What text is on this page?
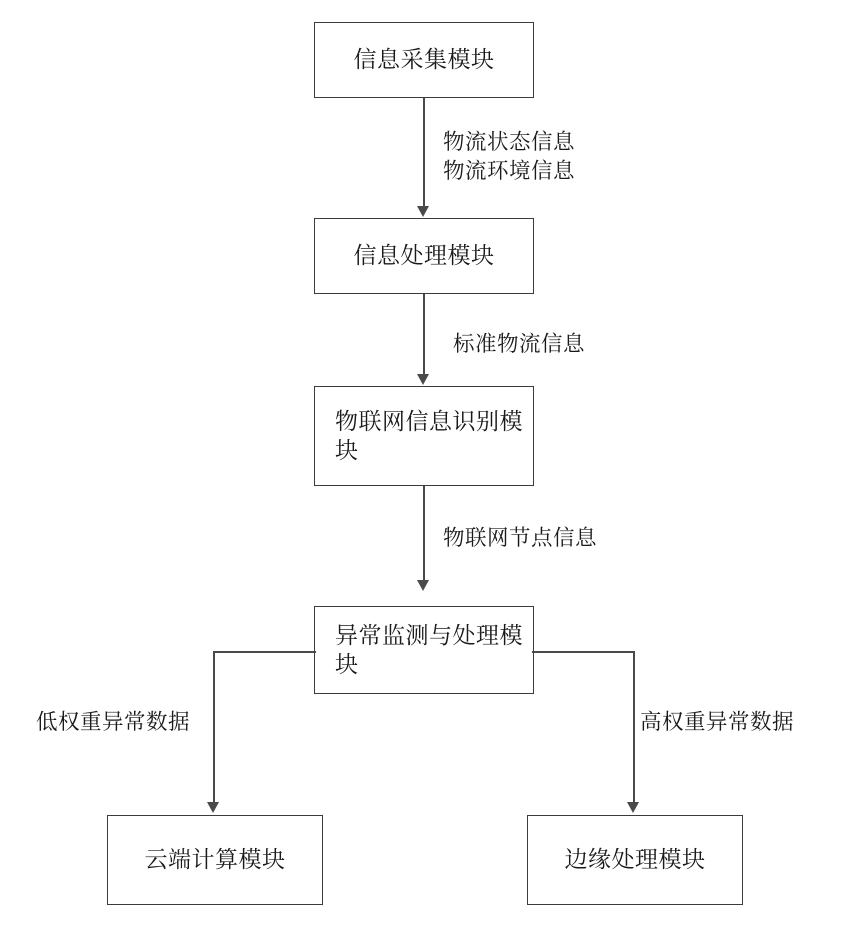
信息采集模块
物流状态信息
物流环境信息
信息处理模块
标准物流信息
物联网信息识别模
块
物联网节点信息
异常监测与处理模
块
低权重异常数据	高权重异常数据
云端计算模块	边缘处理模块
